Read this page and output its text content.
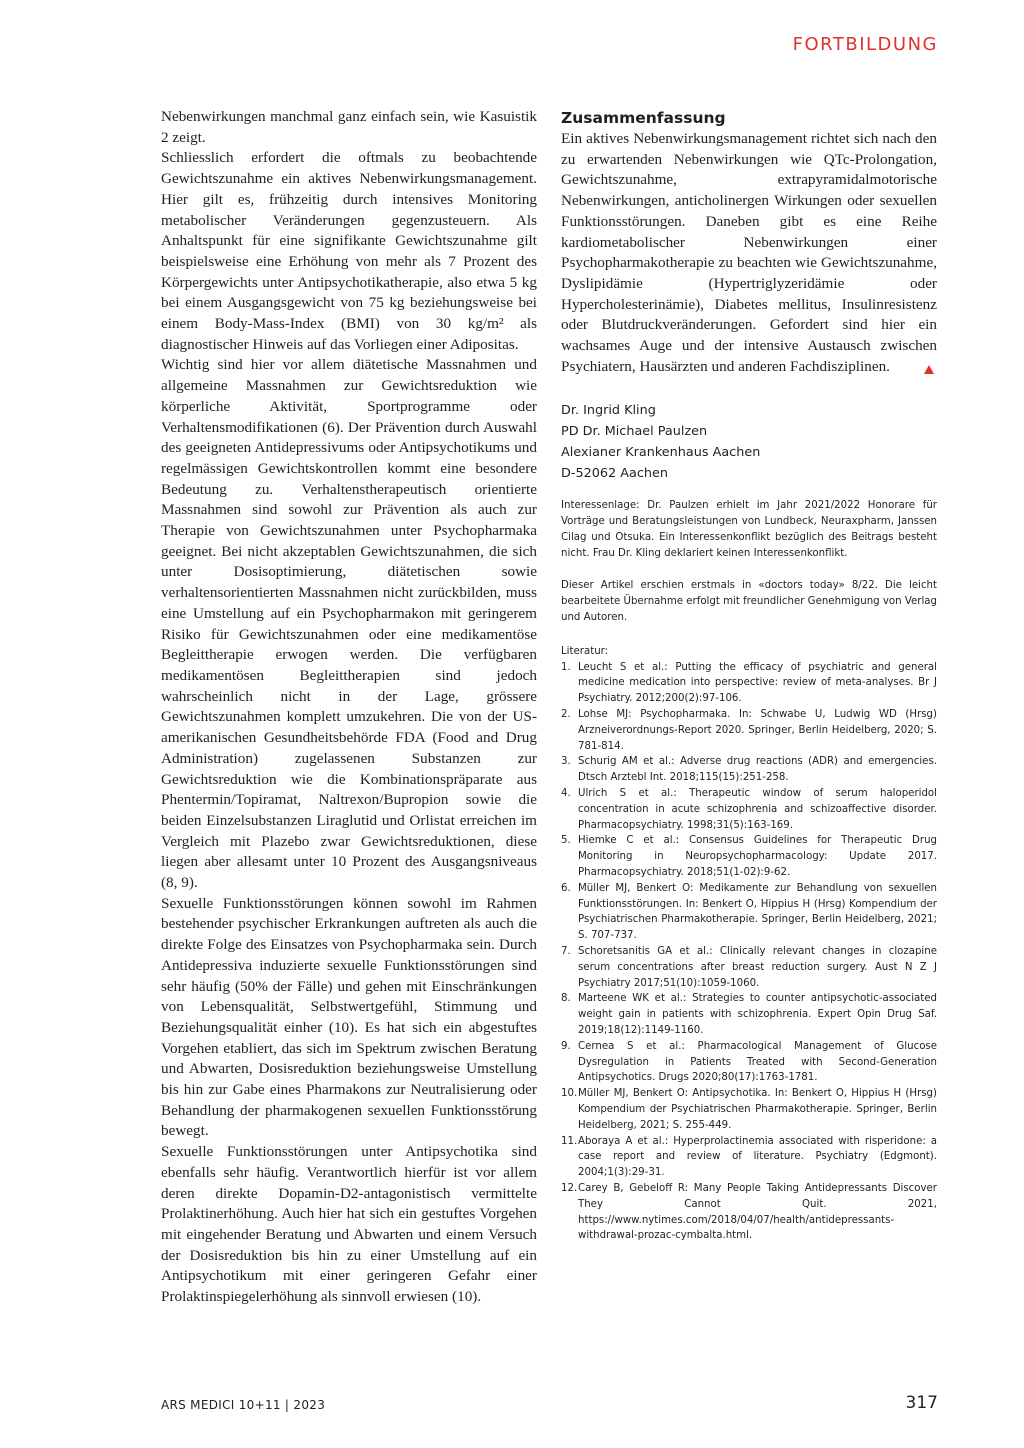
FORTBILDUNG

Nebenwirkungen manchmal ganz einfach sein, wie Kasuistik 2 zeigt.

Schliesslich erfordert die oftmals zu beobachtende Gewichtszunahme ein aktives Nebenwirkungsmanagement. Hier gilt es, frühzeitig durch intensives Monitoring metabolischer Veränderungen gegenzusteuern. Als Anhaltspunkt für eine signifikante Gewichtszunahme gilt beispielsweise eine Erhöhung von mehr als 7 Prozent des Körpergewichts unter Antipsychotikatherapie, also etwa 5 kg bei einem Ausgangsgewicht von 75 kg beziehungsweise bei einem Body-Mass-Index (BMI) von 30 kg/m² als diagnostischer Hinweis auf das Vorliegen einer Adipositas.

Wichtig sind hier vor allem diätetische Massnahmen und allgemeine Massnahmen zur Gewichtsreduktion wie körperliche Aktivität, Sportprogramme oder Verhaltensmodifikationen (6). Der Prävention durch Auswahl des geeigneten Antidepressivums oder Antipsychotikums und regelmässigen Gewichtskontrollen kommt eine besondere Bedeutung zu. Verhaltenstherapeutisch orientierte Massnahmen sind sowohl zur Prävention als auch zur Therapie von Gewichtszunahmen unter Psychopharmaka geeignet. Bei nicht akzeptablen Gewichtszunahmen, die sich unter Dosisoptimierung, diätetischen sowie verhaltensorientierten Massnahmen nicht zurückbilden, muss eine Umstellung auf ein Psychopharmakon mit geringerem Risiko für Gewichtszunahmen oder eine medikamentöse Begleittherapie erwogen werden. Die verfügbaren medikamentösen Begleittherapien sind jedoch wahrscheinlich nicht in der Lage, grössere Gewichtszunahmen komplett umzukehren. Die von der US-amerikanischen Gesundheitsbehörde FDA (Food and Drug Administration) zugelassenen Substanzen zur Gewichtsreduktion wie die Kombinationspräparate aus Phentermin/Topiramat, Naltrexon/Bupropion sowie die beiden Einzelsubstanzen Liraglutid und Orlistat erreichen im Vergleich mit Plazebo zwar Gewichtsreduktionen, diese liegen aber allesamt unter 10 Prozent des Ausgangsniveaus (8, 9).

Sexuelle Funktionsstörungen können sowohl im Rahmen bestehender psychischer Erkrankungen auftreten als auch die direkte Folge des Einsatzes von Psychopharmaka sein. Durch Antidepressiva induzierte sexuelle Funktionsstörungen sind sehr häufig (50% der Fälle) und gehen mit Einschränkungen von Lebensqualität, Selbstwertgefühl, Stimmung und Beziehungsqualität einher (10). Es hat sich ein abgestuftes Vorgehen etabliert, das sich im Spektrum zwischen Beratung und Abwarten, Dosisreduktion beziehungsweise Umstellung bis hin zur Gabe eines Pharmakons zur Neutralisierung oder Behandlung der pharmakogenen sexuellen Funktionsstörung bewegt.

Sexuelle Funktionsstörungen unter Antipsychotika sind ebenfalls sehr häufig. Verantwortlich hierfür ist vor allem deren direkte Dopamin-D2-antagonistisch vermittelte Prolaktinerhöhung. Auch hier hat sich ein gestuftes Vorgehen mit eingehender Beratung und Abwarten und einem Versuch der Dosisreduktion bis hin zu einer Umstellung auf ein Antipsychotikum mit einer geringeren Gefahr einer Prolaktinspiegelerhöhung als sinnvoll erwiesen (10).

Zusammenfassung

Ein aktives Nebenwirkungsmanagement richtet sich nach den zu erwartenden Nebenwirkungen wie QTc-Prolongation, Gewichtszunahme, extrapyramidalmotorische Nebenwirkungen, anticholinergen Wirkungen oder sexuellen Funktionsstörungen. Daneben gibt es eine Reihe kardiometabolischer Nebenwirkungen einer Psychopharmakotherapie zu beachten wie Gewichtszunahme, Dyslipidämie (Hypertriglyzeridämie oder Hypercholesterinämie), Diabetes mellitus, Insulinresistenz oder Blutdruckveränderungen. Gefordert sind hier ein wachsames Auge und der intensive Austausch zwischen Psychiatern, Hausärzten und anderen Fachdisziplinen.

Dr. Ingrid Kling
PD Dr. Michael Paulzen
Alexianer Krankenhaus Aachen
D-52062 Aachen

Interessenlage: Dr. Paulzen erhielt im Jahr 2021/2022 Honorare für Vorträge und Beratungsleistungen von Lundbeck, Neuraxpharm, Janssen Cilag und Otsuka. Ein Interessenkonflikt bezüglich des Beitrags besteht nicht. Frau Dr. Kling deklariert keinen Interessenkonflikt.

Dieser Artikel erschien erstmals in «doctors today» 8/22. Die leicht bearbeitete Übernahme erfolgt mit freundlicher Genehmigung von Verlag und Autoren.

Literatur:

1. Leucht S et al.: Putting the efficacy of psychiatric and general medicine medication into perspective: review of meta-analyses. Br J Psychiatry. 2012;200(2):97-106.
2. Lohse MJ: Psychopharmaka. In: Schwabe U, Ludwig WD (Hrsg) Arzneiverordnungs-Report 2020. Springer, Berlin Heidelberg, 2020; S. 781-814.
3. Schurig AM et al.: Adverse drug reactions (ADR) and emergencies. Dtsch Arztebl Int. 2018;115(15):251-258.
4. Ulrich S et al.: Therapeutic window of serum haloperidol concentration in acute schizophrenia and schizoaffective disorder. Pharmacopsychiatry. 1998;31(5):163-169.
5. Hiemke C et al.: Consensus Guidelines for Therapeutic Drug Monitoring in Neuropsychopharmacology: Update 2017. Pharmacopsychiatry. 2018;51(1-02):9-62.
6. Müller MJ, Benkert O: Medikamente zur Behandlung von sexuellen Funktionsstörungen. In: Benkert O, Hippius H (Hrsg) Kompendium der Psychiatrischen Pharmakotherapie. Springer, Berlin Heidelberg, 2021; S. 707-737.
7. Schoretsanitis GA et al.: Clinically relevant changes in clozapine serum concentrations after breast reduction surgery. Aust N Z J Psychiatry 2017;51(10):1059-1060.
8. Marteene WK et al.: Strategies to counter antipsychotic-associated weight gain in patients with schizophrenia. Expert Opin Drug Saf. 2019;18(12):1149-1160.
9. Cernea S et al.: Pharmacological Management of Glucose Dysregulation in Patients Treated with Second-Generation Antipsychotics. Drugs 2020;80(17):1763-1781.
10. Müller MJ, Benkert O: Antipsychotika. In: Benkert O, Hippius H (Hrsg) Kompendium der Psychiatrischen Pharmakotherapie. Springer, Berlin Heidelberg, 2021; S. 255-449.
11. Aboraya A et al.: Hyperprolactinemia associated with risperidone: a case report and review of literature. Psychiatry (Edgmont). 2004;1(3):29-31.
12. Carey B, Gebeloff R: Many People Taking Antidepressants Discover They Cannot Quit. 2021, https://www.nytimes.com/2018/04/07/health/antidepressants-withdrawal-prozac-cymbalta.html.
ARS MEDICI 10+11 | 2023	317
